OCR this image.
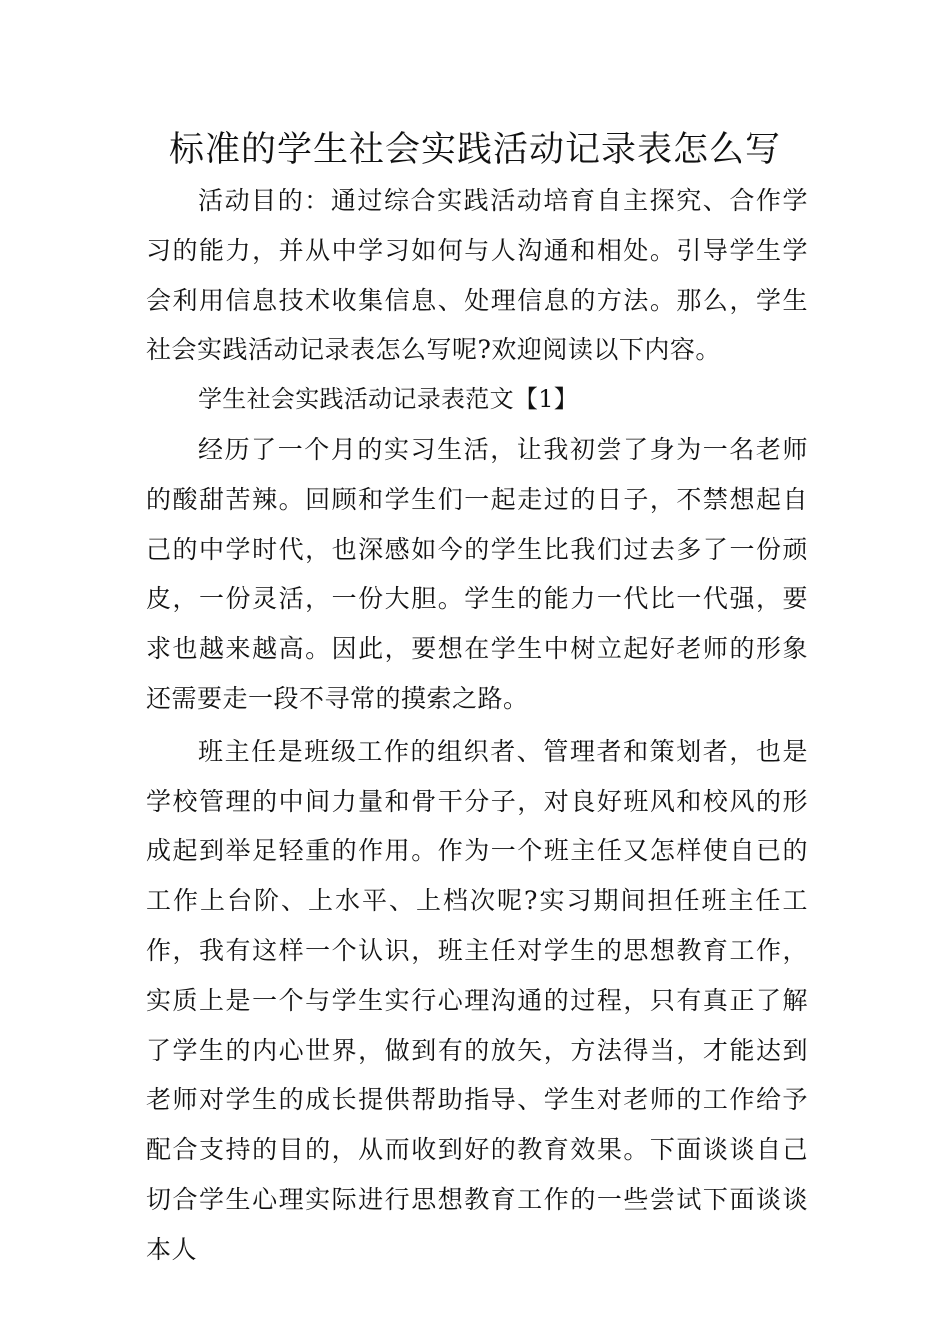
标准的学生社会实践活动记录表怎么写

活动目的：通过综合实践活动培育自主探究、合作学习的能力，并从中学习如何与人沟通和相处。引导学生学会利用信息技术收集信息、处理信息的方法。那么，学生社会实践活动记录表怎么写呢?欢迎阅读以下内容。

学生社会实践活动记录表范文【1】

经历了一个月的实习生活，让我初尝了身为一名老师的酸甜苦辣。回顾和学生们一起走过的日子，不禁想起自己的中学时代，也深感如今的学生比我们过去多了一份顽皮，一份灵活，一份大胆。学生的能力一代比一代强，要求也越来越高。因此，要想在学生中树立起好老师的形象还需要走一段不寻常的摸索之路。

班主任是班级工作的组织者、管理者和策划者，也是学校管理的中间力量和骨干分子，对良好班风和校风的形成起到举足轻重的作用。作为一个班主任又怎样使自已的工作上台阶、上水平、上档次呢?实习期间担任班主任工作，我有这样一个认识，班主任对学生的思想教育工作，实质上是一个与学生实行心理沟通的过程，只有真正了解了学生的内心世界，做到有的放矢，方法得当，才能达到老师对学生的成长提供帮助指导、学生对老师的工作给予配合支持的目的，从而收到好的教育效果。下面谈谈自己切合学生心理实际进行思想教育工作的一些尝试下面谈谈本人
